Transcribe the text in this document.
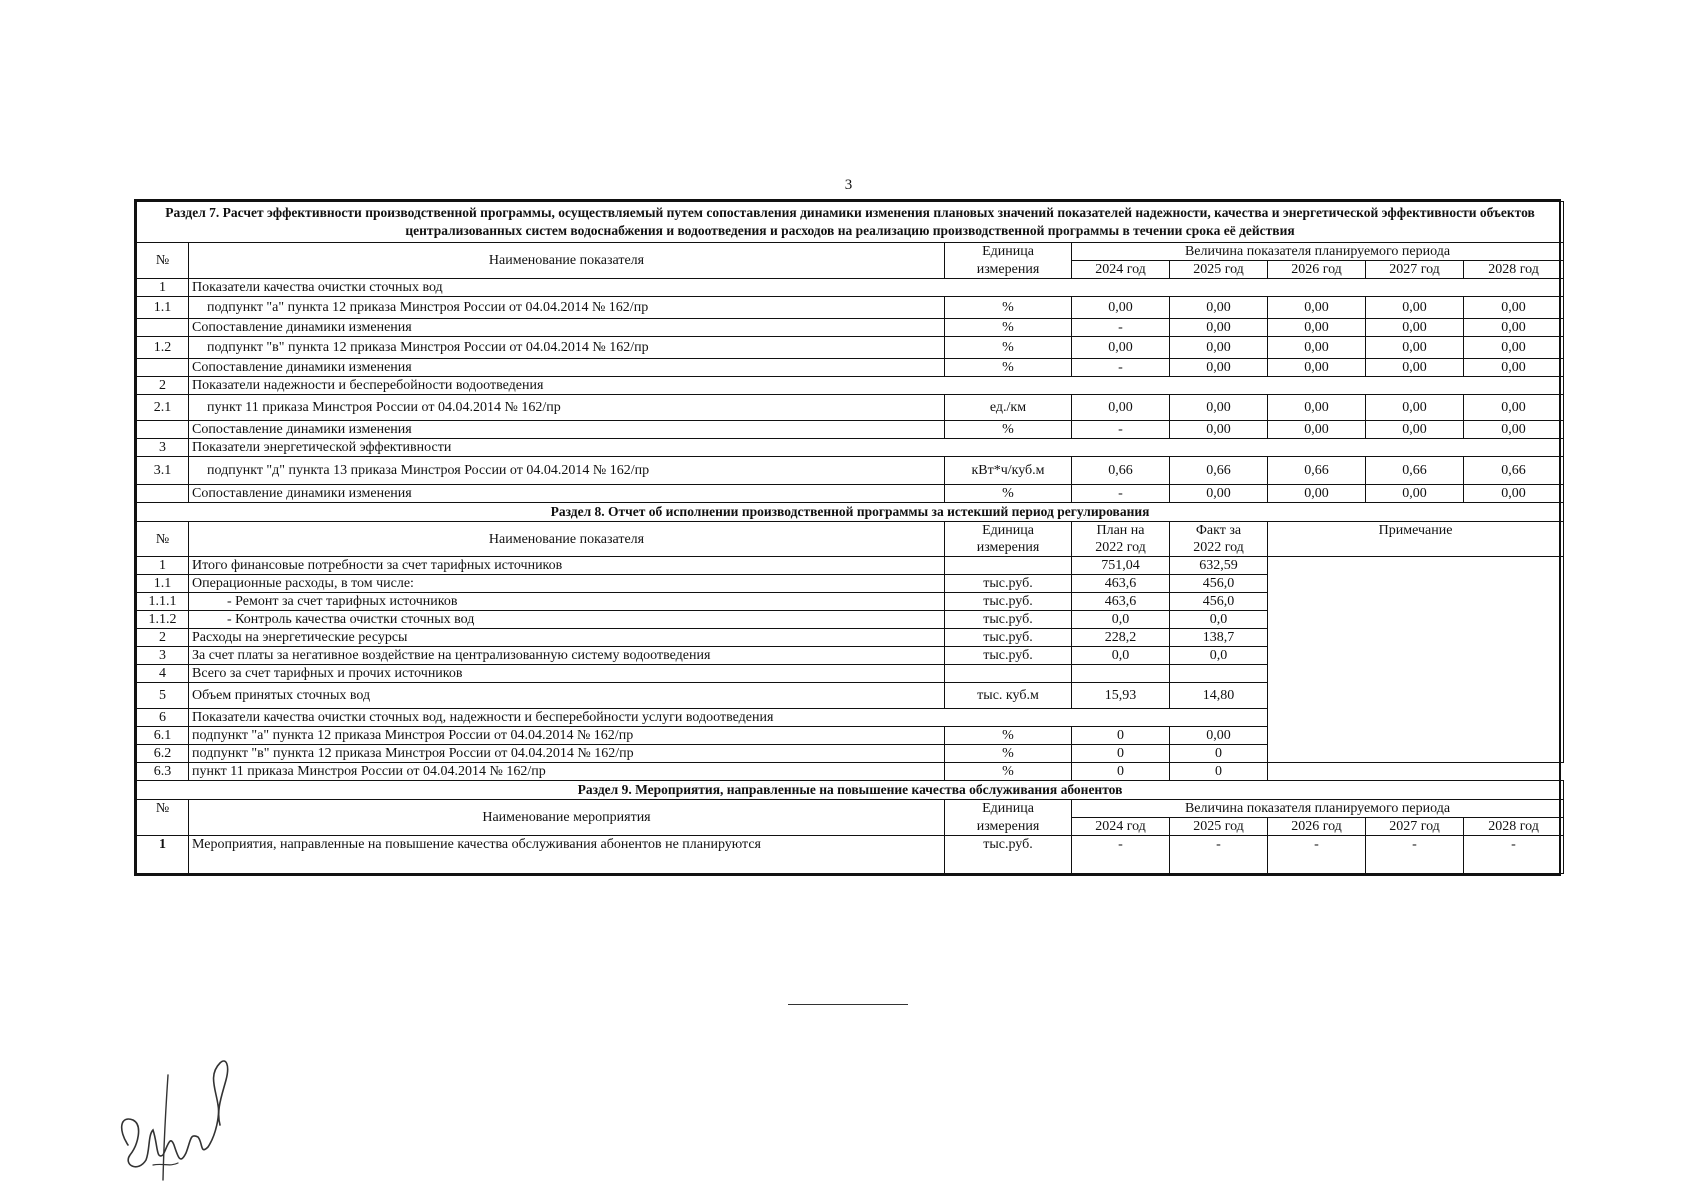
3
Раздел 7. Расчет эффективности производственной программы, осуществляемый путем сопоставления динамики изменения плановых значений показателей надежности, качества и энергетической эффективности объектов централизованных систем водоснабжения и водоотведения и расходов на реализацию производственной программы в течении срока её действия							
№	Наименование показателя	Единица	Величина показателя планируемого периода				
		измерения	2024 год	2025 год	2026 год	2027 год	2028 год
1	Показатели качества очистки сточных вод						
1.1	подпункт "а" пункта 12 приказа Минстроя России от 04.04.2014 № 162/пр	%	0,00	0,00	0,00	0,00	0,00
	Сопоставление динамики изменения	%	-	0,00	0,00	0,00	0,00
1.2	подпункт "в" пункта 12 приказа Минстроя России от 04.04.2014 № 162/пр	%	0,00	0,00	0,00	0,00	0,00
	Сопоставление динамики изменения	%	-	0,00	0,00	0,00	0,00
2	Показатели надежности и бесперебойности водоотведения						
2.1	пункт 11 приказа Минстроя России от 04.04.2014 № 162/пр	ед./км	0,00	0,00	0,00	0,00	0,00
	Сопоставление динамики изменения	%	-	0,00	0,00	0,00	0,00
3	Показатели энергетической эффективности						
3.1	подпункт "д" пункта 13 приказа Минстроя России от 04.04.2014 № 162/пр	кВт*ч/куб.м	0,66	0,66	0,66	0,66	0,66
	Сопоставление динамики изменения	%	-	0,00	0,00	0,00	0,00
Раздел 8. Отчет об исполнении производственной программы за истекший период регулирования							
№	Наименование показателя	Единица	План на	Факт за	Примечание		
		измерения	2022 год	2022 год			
1	Итого финансовые потребности за счет тарифных источников		751,04	632,59			
1.1	Операционные расходы, в том числе:	тыс.руб.	463,6	456,0			
1.1.1	- Ремонт за счет тарифных источников	тыс.руб.	463,6	456,0			
1.1.2	- Контроль качества очистки сточных вод	тыс.руб.	0,0	0,0			
2	Расходы на энергетические ресурсы	тыс.руб.	228,2	138,7			
3	За счет платы за негативное воздействие на централизованную систему водоотведения	тыс.руб.	0,0	0,0			
4	Всего за счет тарифных и прочих источников						
5	Объем принятых сточных вод	тыс. куб.м	15,93	14,80			
6	Показатели качества очистки сточных вод, надежности и бесперебойности услуги водоотведения						
6.1	подпункт "а" пункта 12 приказа Минстроя России от 04.04.2014 № 162/пр	%	0	0,00			
6.2	подпункт "в" пункта 12 приказа Минстроя России от 04.04.2014 № 162/пр	%	0	0			
6.3	пункт 11 приказа Минстроя России от 04.04.2014 № 162/пр	%	0	0			
Раздел 9. Мероприятия, направленные на повышение качества обслуживания абонентов							
№	Наименование мероприятия	Единица	Величина показателя планируемого периода				
		измерения	2024 год	2025 год	2026 год	2027 год	2028 год
1	Мероприятия, направленные на повышение качества обслуживания абонентов не планируются	тыс.руб.	-	-	-	-	-
